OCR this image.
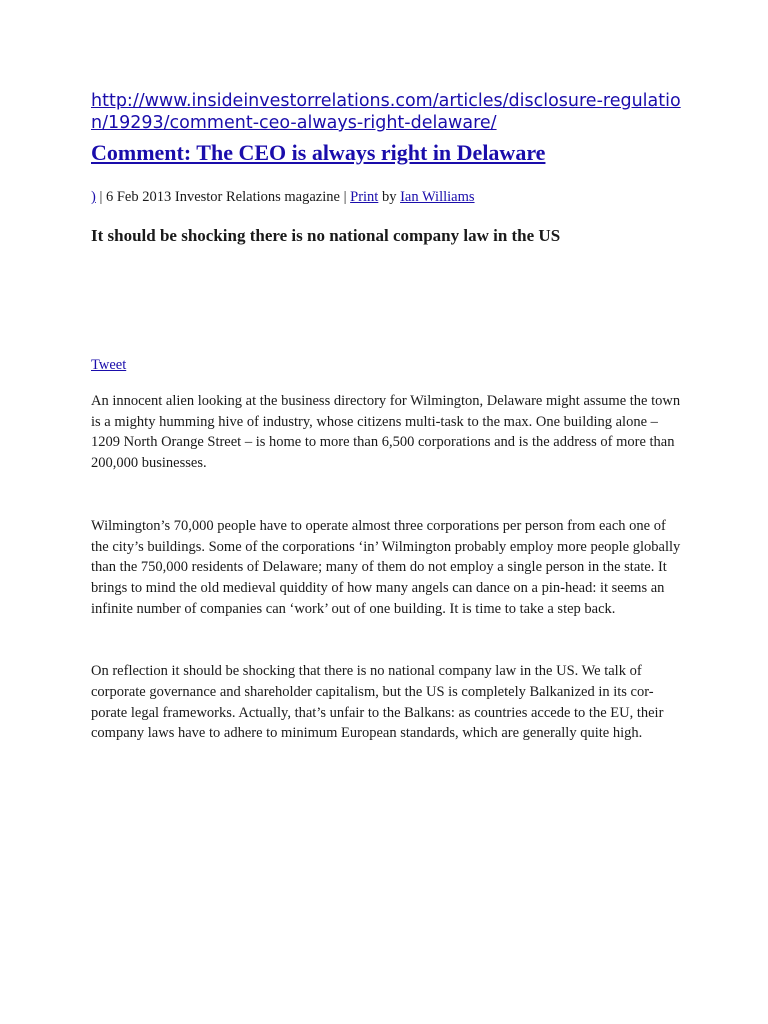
http://www.insideinvestorrelations.com/articles/disclosure-regulation/19293/comment-ceo-always-right-delaware/
Comment: The CEO is always right in Delaware
) | 6 Feb 2013 Investor Relations magazine | Print by Ian Williams
It should be shocking there is no national company law in the US
Tweet

An innocent alien looking at the business directory for Wilmington, Delaware might assume the town is a mighty humming hive of industry, whose citizens multi-task to the max. One building alone – 1209 North Orange Street – is home to more than 6,500 corporations and is the address of more than 200,000 businesses.

Wilmington’s 70,000 people have to operate almost three corporations per person from each one of the city’s buildings. Some of the corporations ‘in’ Wilmington probably employ more people globally than the 750,000 residents of Delaware; many of them do not employ a single person in the state. It brings to mind the old medieval quiddity of how many angels can dance on a pin-head: it seems an infinite number of companies can ‘work’ out of one building. It is time to take a step back.

On reflection it should be shocking that there is no national company law in the US. We talk of corporate governance and shareholder capitalism, but the US is completely Balkanized in its cor-porate legal frameworks. Actually, that’s unfair to the Balkans: as countries accede to the EU, their company laws have to adhere to minimum European standards, which are generally quite high.
